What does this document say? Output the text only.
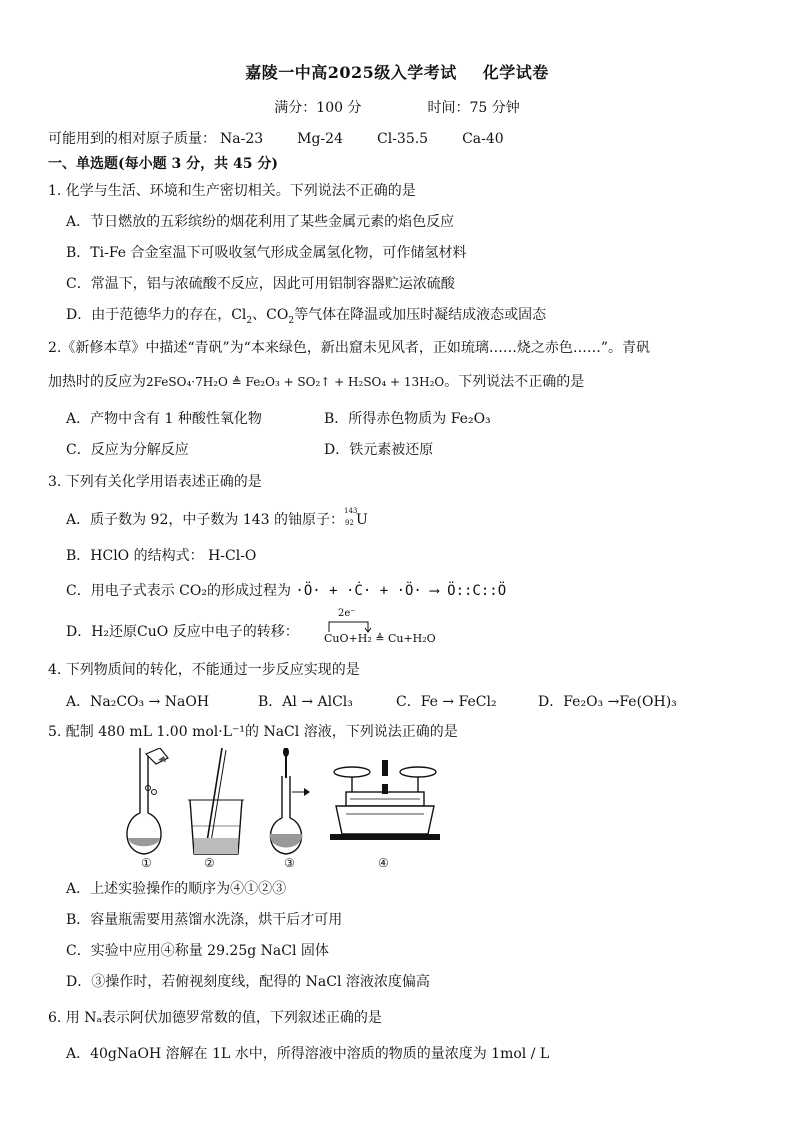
嘉陵一中高2025级入学考试 化学试卷
满分：100 分	时间：75 分钟
可能用到的相对原子质量： Na-23 Mg-24 Cl-35.5 Ca-40
一、单选题(每小题 3 分，共 45 分)
1. 化学与生活、环境和生产密切相关。下列说法不正确的是
A．节日燃放的五彩缤纷的烟花利用了某些金属元素的焰色反应
B．Ti-Fe 合金室温下可吸收氢气形成金属氢化物，可作储氢材料
C．常温下，铝与浓硫酸不反应，因此可用铝制容器贮运浓硫酸
D．由于范德华力的存在，$Cl_2$、$CO_2$等气体在降温或加压时凝结成液态或固态
2.《新修本草》中描述“青矾”为“本来绿色，新出窟未见风者，正如琉璃……烧之赤色……”。青矾
加热时的反应为2FeSO₄·7H₂O ≜ Fe₂O₃ + SO₂↑ + H₂SO₄ + 13H₂O。下列说法不正确的是
A．产物中含有 1 种酸性氧化物	B．所得赤色物质为 Fe₂O₃
C．反应为分解反应	D．铁元素被还原
3. 下列有关化学用语表述正确的是
A．质子数为 92，中子数为 143 的铀原子：
143
92 U
B．HClO 的结构式： H-Cl-O
C．用电子式表示 CO₂的形成过程为 ·Ö· + ·Ċ· + ·Ö· ⟶ Ö::C::Ö
D．H₂还原CuO 反应中电子的转移：
2e⁻
CuO+H₂ ≜ Cu+H₂O
4. 下列物质间的转化，不能通过一步反应实现的是
A．Na₂CO₃ → NaOH	B．Al → AlCl₃	C．Fe → FeCl₂	D．Fe₂O₃ →Fe(OH)₃
5. 配制 480 mL 1.00 mol·L⁻¹的 NaCl 溶液，下列说法正确的是
①	②	③	④
A．上述实验操作的顺序为④①②③
B．容量瓶需要用蒸馏水洗涤，烘干后才可用
C．实验中应用④称量 29.25g NaCl 固体
D．③操作时，若俯视刻度线，配得的 NaCl 溶液浓度偏高
6. 用 Nₐ表示阿伏加德罗常数的值，下列叙述正确的是
A．40gNaOH 溶解在 1L 水中，所得溶液中溶质的物质的量浓度为 1mol / L
